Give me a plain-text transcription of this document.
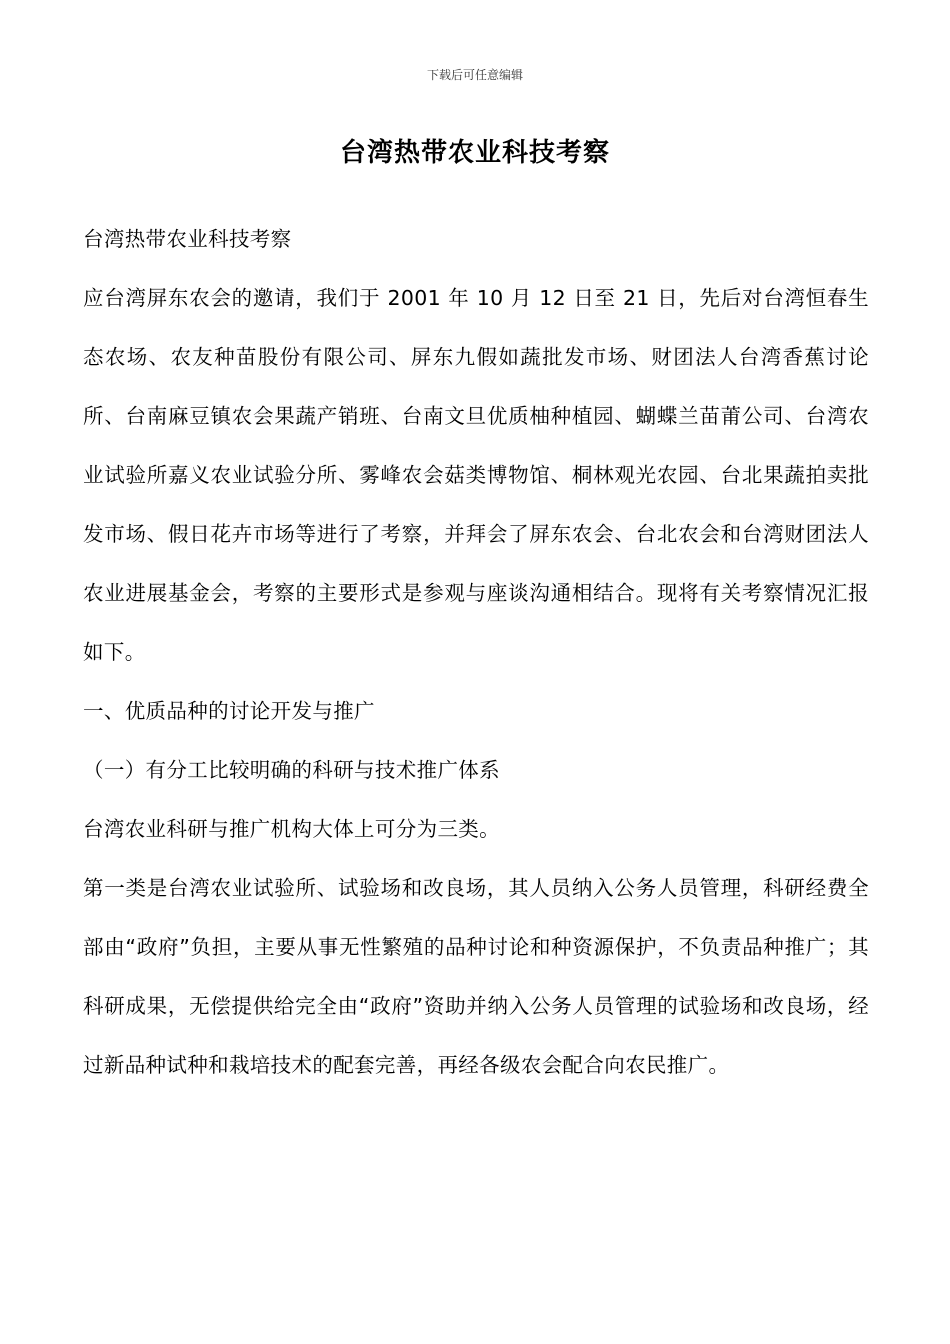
下载后可任意编辑
台湾热带农业科技考察

台湾热带农业科技考察

应台湾屏东农会的邀请，我们于 2001 年 10 月 12 日至 21 日，先后对台湾恒春生态农场、农友种苗股份有限公司、屏东九假如蔬批发市场、财团法人台湾香蕉讨论所、台南麻豆镇农会果蔬产销班、台南文旦优质柚种植园、蝴蝶兰苗莆公司、台湾农业试验所嘉义农业试验分所、雾峰农会菇类博物馆、桐林观光农园、台北果蔬拍卖批发市场、假日花卉市场等进行了考察，并拜会了屏东农会、台北农会和台湾财团法人农业进展基金会，考察的主要形式是参观与座谈沟通相结合。现将有关考察情况汇报如下。

一、优质品种的讨论开发与推广

（一）有分工比较明确的科研与技术推广体系

台湾农业科研与推广机构大体上可分为三类。

第一类是台湾农业试验所、试验场和改良场，其人员纳入公务人员管理，科研经费全部由“政府”负担，主要从事无性繁殖的品种讨论和种资源保护，不负责品种推广；其科研成果，无偿提供给完全由“政府”资助并纳入公务人员管理的试验场和改良场，经过新品种试种和栽培技术的配套完善，再经各级农会配合向农民推广。
